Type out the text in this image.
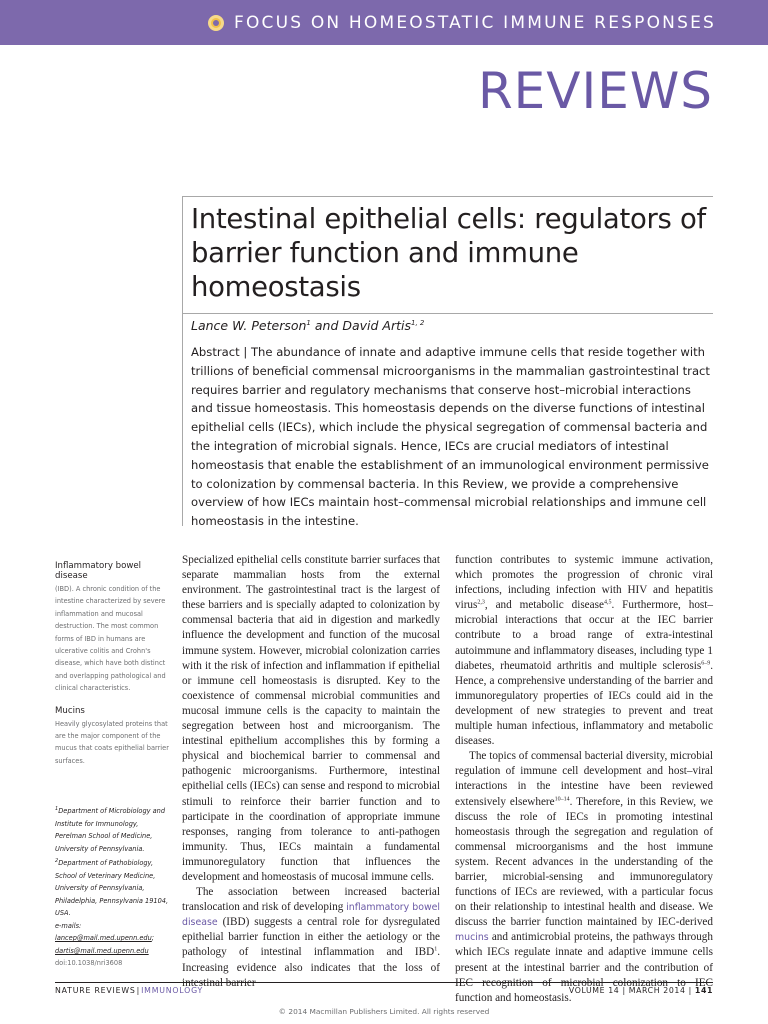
FOCUS ON HOMEOSTATIC IMMUNE RESPONSES
REVIEWS
Intestinal epithelial cells: regulators of barrier function and immune homeostasis
Lance W. Peterson$^1$ and David Artis$^{1, 2}$

Abstract | The abundance of innate and adaptive immune cells that reside together with trillions of beneficial commensal microorganisms in the mammalian gastrointestinal tract requires barrier and regulatory mechanisms that conserve host–microbial interactions and tissue homeostasis. This homeostasis depends on the diverse functions of intestinal epithelial cells (IECs), which include the physical segregation of commensal bacteria and the integration of microbial signals. Hence, IECs are crucial mediators of intestinal homeostasis that enable the establishment of an immunological environment permissive to colonization by commensal bacteria. In this Review, we provide a comprehensive overview of how IECs maintain host–commensal microbial relationships and immune cell homeostasis in the intestine.

Inflammatory bowel disease

(IBD). A chronic condition of the intestine characterized by severe inflammation and mucosal destruction. The most common forms of IBD in humans are ulcerative colitis and Crohn's disease, which have both distinct and overlapping pathological and clinical characteristics.

Mucins

Heavily glycosylated proteins that are the major component of the mucus that coats epithelial barrier surfaces.

$^1$Department of Microbiology and Institute for Immunology, Perelman School of Medicine, University of Pennsylvania.

$^2$Department of Pathobiology, School of Veterinary Medicine, University of Pennsylvania, Philadelphia, Pennsylvania 19104, USA.

e-mails: lancep@mail.med.upenn.edu; dartis@mail.med.upenn.edu

doi:10.1038/nri3608

Specialized epithelial cells constitute barrier surfaces that separate mammalian hosts from the external environment. The gastrointestinal tract is the largest of these barriers and is specially adapted to colonization by commensal bacteria that aid in digestion and markedly influence the development and function of the mucosal immune system. However, microbial colonization carries with it the risk of infection and inflammation if epithelial or immune cell homeostasis is disrupted. Key to the coexistence of commensal microbial communities and mucosal immune cells is the capacity to maintain the segregation between host and microorganism. The intestinal epithelium accomplishes this by forming a physical and biochemical barrier to commensal and pathogenic microorganisms. Furthermore, intestinal epithelial cells (IECs) can sense and respond to microbial stimuli to reinforce their barrier function and to participate in the coordination of appropriate immune responses, ranging from tolerance to anti-pathogen immunity. Thus, IECs maintain a fundamental immunoregulatory function that influences the development and homeostasis of mucosal immune cells.

The association between increased bacterial translocation and risk of developing inflammatory bowel disease (IBD) suggests a central role for dysregulated epithelial barrier function in either the aetiology or the pathology of intestinal inflammation and IBD$^1$. Increasing evidence also indicates that the loss of intestinal barrier

function contributes to systemic immune activation, which promotes the progression of chronic viral infections, including infection with HIV and hepatitis virus$^{2,3}$, and metabolic disease$^{4,5}$. Furthermore, host–microbial interactions that occur at the IEC barrier contribute to a broad range of extra-intestinal autoimmune and inflammatory diseases, including type 1 diabetes, rheumatoid arthritis and multiple sclerosis$^{6-9}$. Hence, a comprehensive understanding of the barrier and immunoregulatory properties of IECs could aid in the development of new strategies to prevent and treat multiple human infectious, inflammatory and metabolic diseases.

The topics of commensal bacterial diversity, microbial regulation of immune cell development and host–viral interactions in the intestine have been reviewed extensively elsewhere$^{10-14}$. Therefore, in this Review, we discuss the role of IECs in promoting intestinal homeostasis through the segregation and regulation of commensal microorganisms and the host immune system. Recent advances in the understanding of the barrier, microbial-sensing and immunoregulatory functions of IECs are reviewed, with a particular focus on their relationship to intestinal health and disease. We discuss the barrier function maintained by IEC-derived mucins and antimicrobial proteins, the pathways through which IECs regulate innate and adaptive immune cells present at the intestinal barrier and the contribution of IEC recognition of microbial colonization to IEC function and homeostasis.

NATURE REVIEWS|IMMUNOLOGY	VOLUME 14 | MARCH 2014 | 141
© 2014 Macmillan Publishers Limited. All rights reserved
